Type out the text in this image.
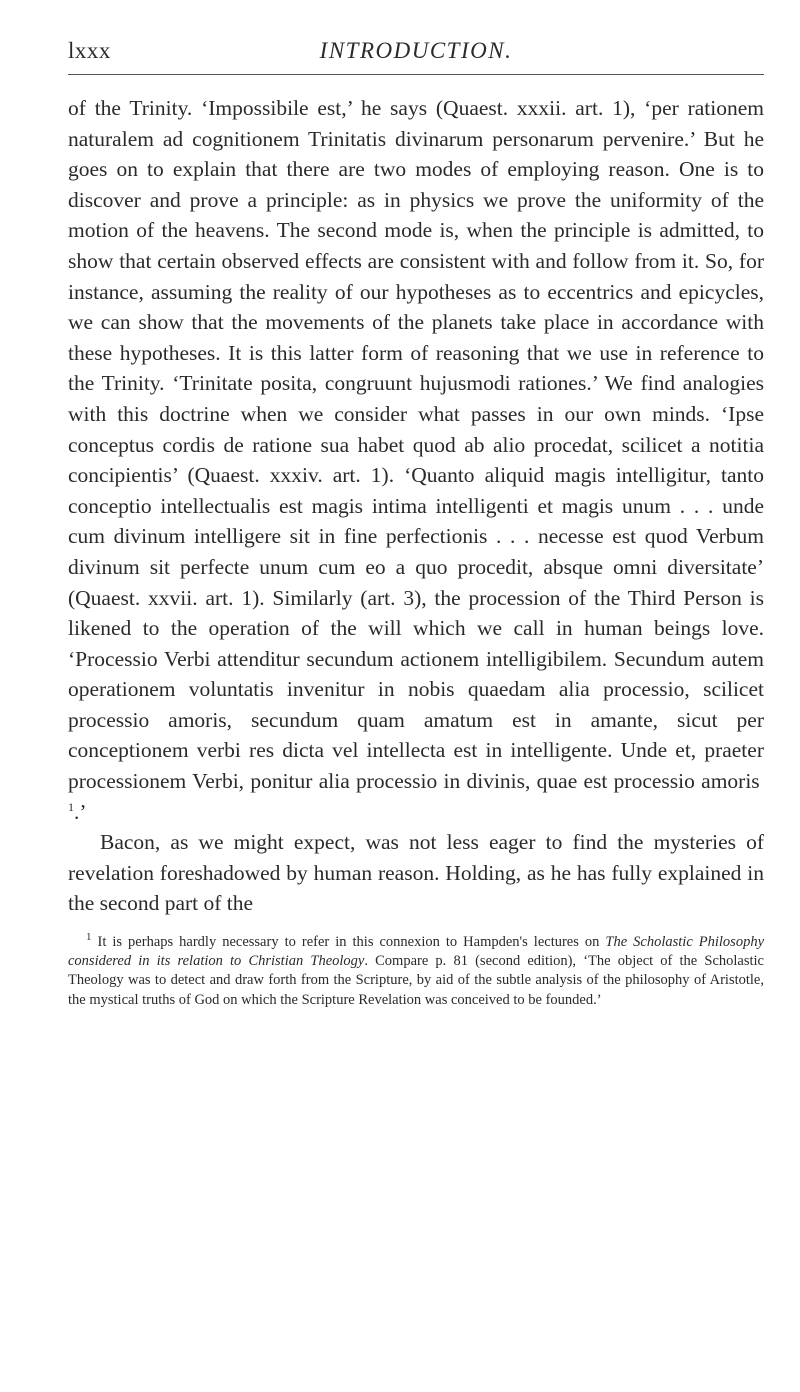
lxxx	INTRODUCTION.

of the Trinity. ‘Impossibile est,’ he says (Quaest. xxxii. art. 1), ‘per rationem naturalem ad cognitionem Trinitatis divinarum personarum pervenire.’ But he goes on to explain that there are two modes of employing reason. One is to discover and prove a principle: as in physics we prove the uniformity of the motion of the heavens. The second mode is, when the principle is admitted, to show that certain observed effects are consistent with and follow from it. So, for instance, assuming the reality of our hypotheses as to eccentrics and epicycles, we can show that the movements of the planets take place in accordance with these hypotheses. It is this latter form of reasoning that we use in reference to the Trinity. ‘Trinitate posita, congruunt hujusmodi rationes.’ We find analogies with this doctrine when we consider what passes in our own minds. ‘Ipse conceptus cordis de ratione sua habet quod ab alio procedat, scilicet a notitia concipientis’ (Quaest. xxxiv. art. 1). ‘Quanto aliquid magis intelligitur, tanto conceptio intellectualis est magis intima intelligenti et magis unum . . . unde cum divinum intelligere sit in fine perfectionis . . . necesse est quod Verbum divinum sit perfecte unum cum eo a quo procedit, absque omni diversitate’ (Quaest. xxvii. art. 1). Similarly (art. 3), the procession of the Third Person is likened to the operation of the will which we call in human beings love. ‘Processio Verbi attenditur secundum actionem intelligibilem. Secundum autem operationem voluntatis invenitur in nobis quaedam alia processio, scilicet processio amoris, secundum quam amatum est in amante, sicut per conceptionem verbi res dicta vel intellecta est in intelligente. Unde et, praeter processionem Verbi, ponitur alia processio in divinis, quae est processio amoris $^1$.’

Bacon, as we might expect, was not less eager to find the mysteries of revelation foreshadowed by human reason. Holding, as he has fully explained in the second part of the

$^1$ It is perhaps hardly necessary to refer in this connexion to Hampden's lectures on The Scholastic Philosophy considered in its relation to Christian Theology. Compare p. 81 (second edition), ‘The object of the Scholastic Theology was to detect and draw forth from the Scripture, by aid of the subtle analysis of the philosophy of Aristotle, the mystical truths of God on which the Scripture Revelation was conceived to be founded.’
